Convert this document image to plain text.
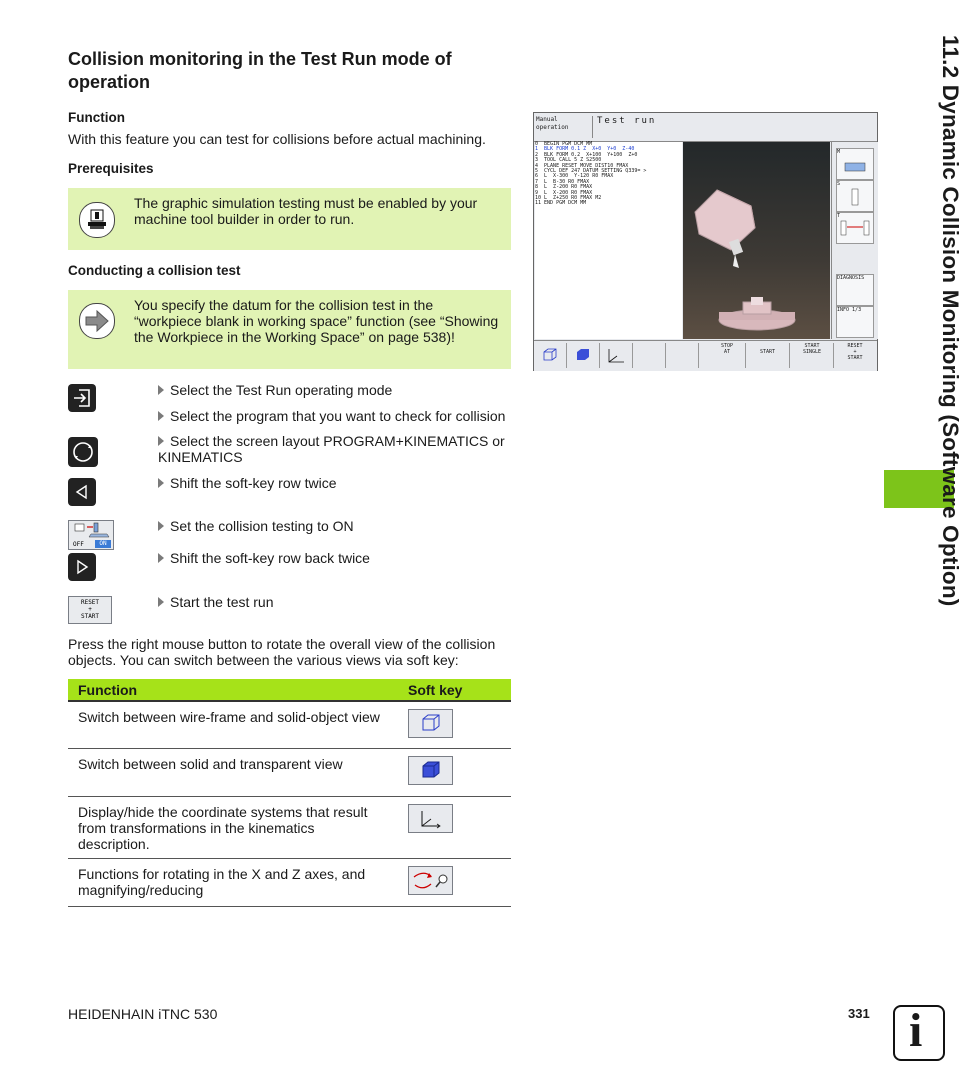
Collision monitoring in the Test Run mode of operation
Function
With this feature you can test for collisions before actual machining.
Prerequisites
The graphic simulation testing must be enabled by your machine tool builder in order to run.
Conducting a collision test
You specify the datum for the collision test in the “workpiece blank in working space” function (see “Showing the Workpiece in the Working Space” on page 538)!
OFF	ON
RESET
+
START
Select the Test Run operating mode
Select the program that you want to check for collision
Select the screen layout PROGRAM+KINEMATICS or KINEMATICS
Shift the soft-key row twice
Set the collision testing to ON
Shift the soft-key row back twice
Start the test run
Press the right mouse button to rotate the overall view of the collision objects. You can switch between the various views via soft key:
Function	Soft key
Switch between wire-frame and solid-object view	

Switch between solid and transparent view	

Display/hide the coordinate systems that result from transformations in the kinematics description.	

Functions for rotating in the X and Z axes, and magnifying/reducing	
Manual
operation
Test run
0  BEGIN PGM DCM MM
1  BLK FORM 0.1 Z  X+0  Y+0  Z-40
2  BLK FORM 0.2  X+100  Y+100  Z+0
3  TOOL CALL 5 Z S2500
4  PLANE RESET MOVE DIST10 FMAX
5  CYCL DEF 247 DATUM SETTING Q339= >
6  L  X-300  Y-120 R0 FMAX
7  L  B-30 R0 FMAX
8  L  Z-200 R0 FMAX
9  L  X-200 R0 FMAX
10 L  Z+250 R0 FMAX M2
11 END PGM DCM MM
M
S
T
DIAGNOSIS
INFO 1/3
STOP
AT	START
START
SINGLE
RESET
+
START	11.2 Dynamic Collision Monitoring (Software Option)
HEIDENHAIN iTNC 530	331 i
